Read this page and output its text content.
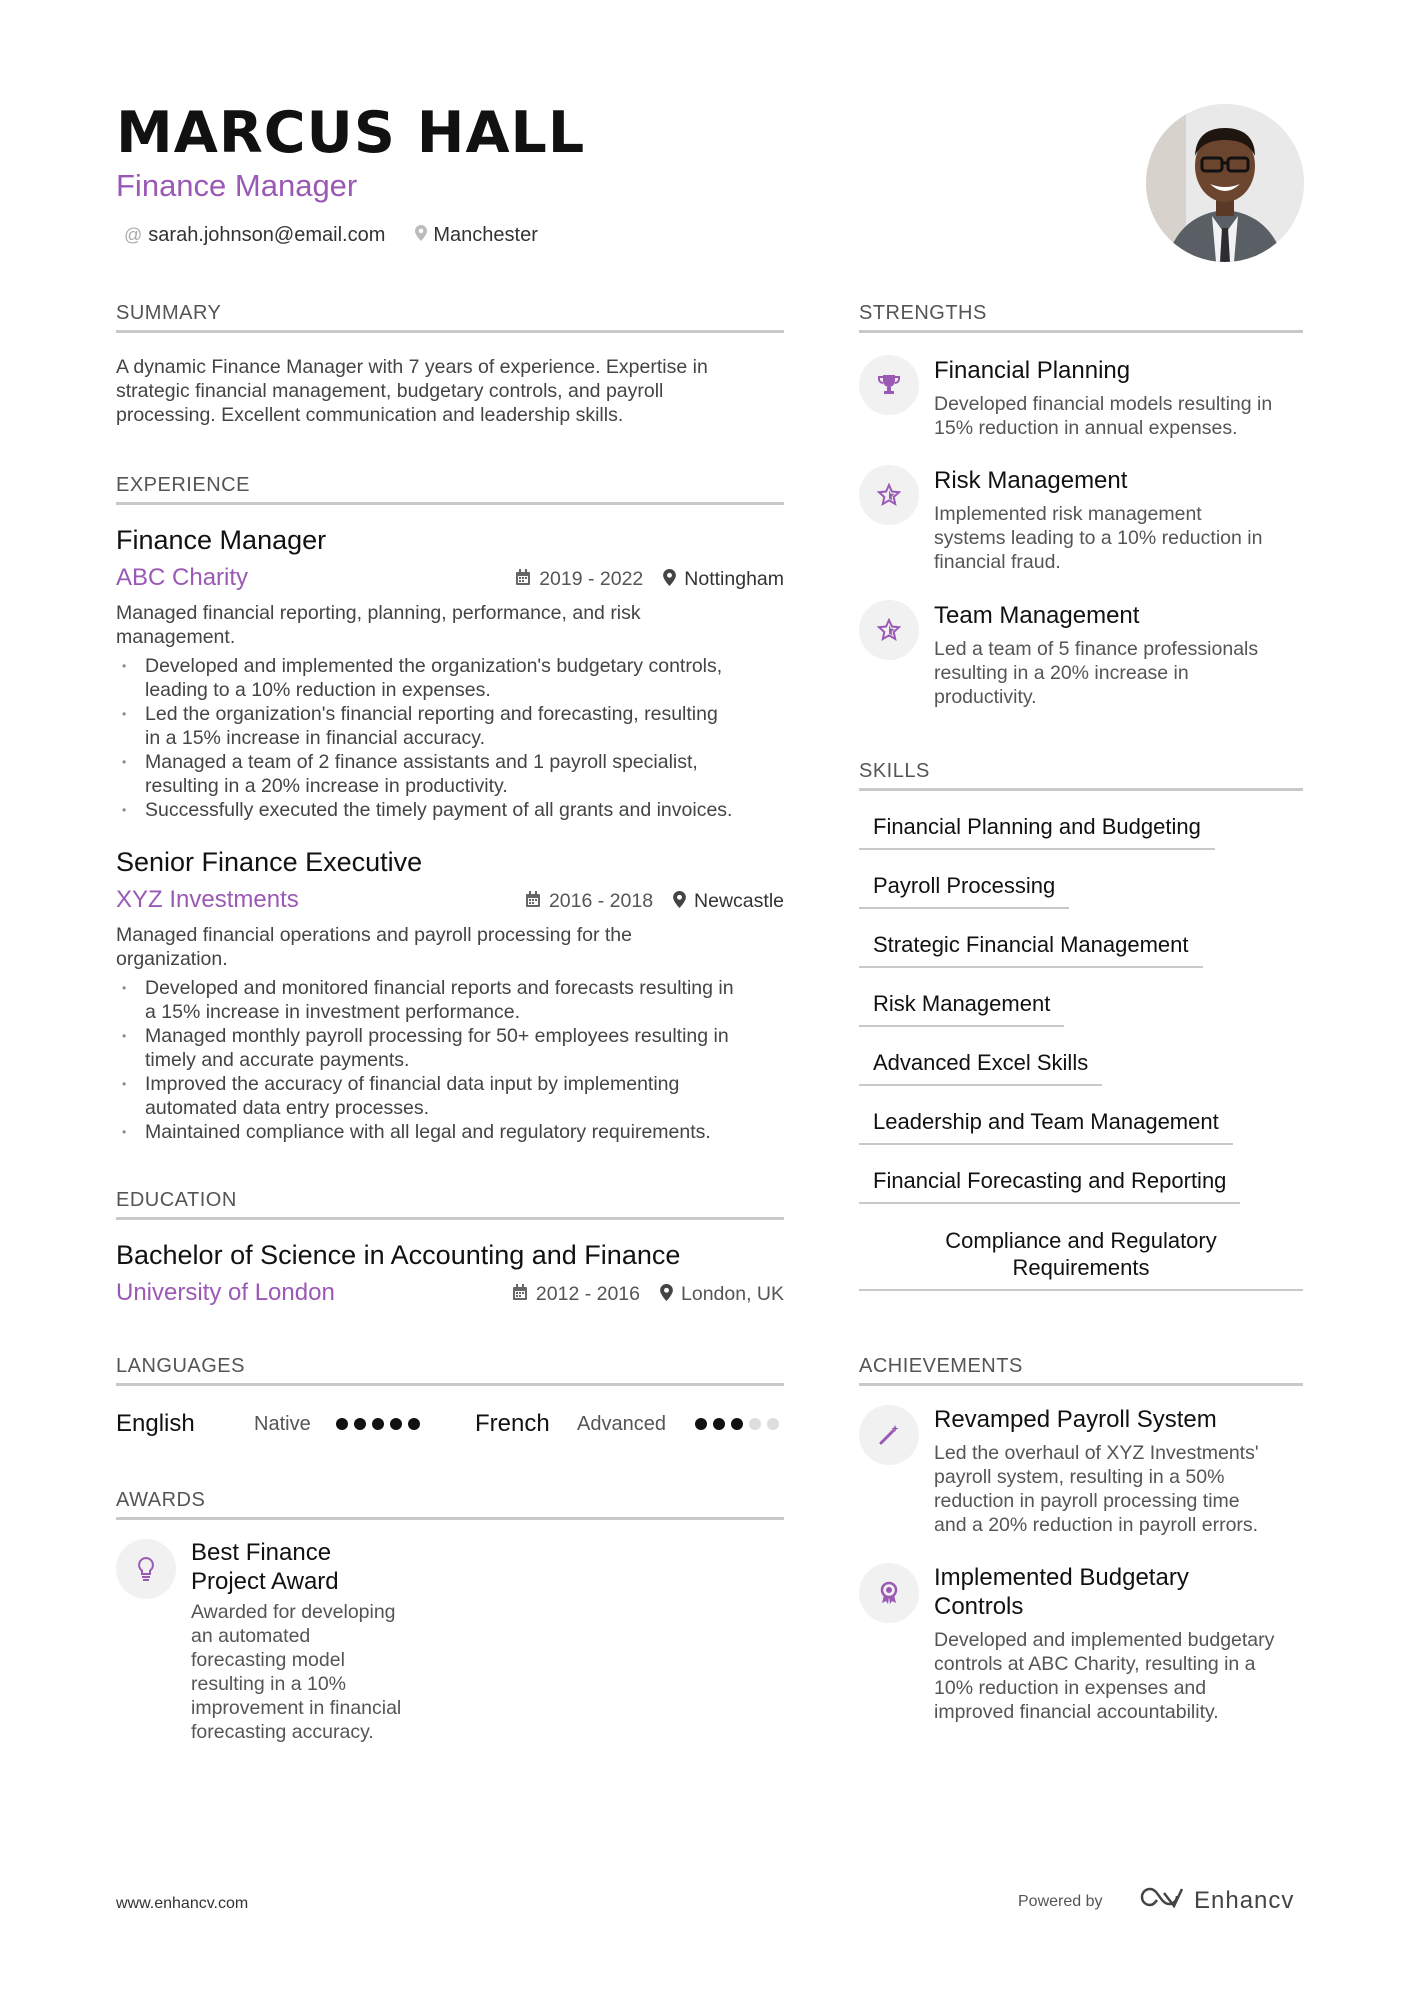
MARCUS HALL
Finance Manager
@ sarah.johnson@email.com Manchester
SUMMARY
A dynamic Finance Manager with 7 years of experience. Expertise in
strategic financial management, budgetary controls, and payroll
processing. Excellent communication and leadership skills.
EXPERIENCE
Finance Manager
ABC Charity	2019 - 2022 Nottingham
Managed financial reporting, planning, performance, and risk
management.
• Developed and implemented the organization's budgetary controls,
leading to a 10% reduction in expenses.
• Led the organization's financial reporting and forecasting, resulting
in a 15% increase in financial accuracy.
• Managed a team of 2 finance assistants and 1 payroll specialist,
resulting in a 20% increase in productivity.
• Successfully executed the timely payment of all grants and invoices.
Senior Finance Executive
XYZ Investments	2016 - 2018 Newcastle
Managed financial operations and payroll processing for the
organization.
• Developed and monitored financial reports and forecasts resulting in
a 15% increase in investment performance.
• Managed monthly payroll processing for 50+ employees resulting in
timely and accurate payments.
• Improved the accuracy of financial data input by implementing
automated data entry processes.
• Maintained compliance with all legal and regulatory requirements.
EDUCATION
Bachelor of Science in Accounting and Finance
University of London	2012 - 2016 London, UK
LANGUAGES
English	Native	French	Advanced
AWARDS
Best Finance
Project Award
Awarded for developing
an automated
forecasting model
resulting in a 10%
improvement in financial
forecasting accuracy.
STRENGTHS
Financial Planning
Developed financial models resulting in
15% reduction in annual expenses.
Risk Management
Implemented risk management
systems leading to a 10% reduction in
financial fraud.
Team Management
Led a team of 5 finance professionals
resulting in a 20% increase in
productivity.
SKILLS
Financial Planning and Budgeting
Payroll Processing
Strategic Financial Management
Risk Management
Advanced Excel Skills
Leadership and Team Management
Financial Forecasting and Reporting
Compliance and Regulatory
Requirements
ACHIEVEMENTS
Revamped Payroll System
Led the overhaul of XYZ Investments'
payroll system, resulting in a 50%
reduction in payroll processing time
and a 20% reduction in payroll errors.
Implemented Budgetary
Controls
Developed and implemented budgetary
controls at ABC Charity, resulting in a
10% reduction in expenses and
improved financial accountability.
www.enhancv.com	Powered by	Enhancv
